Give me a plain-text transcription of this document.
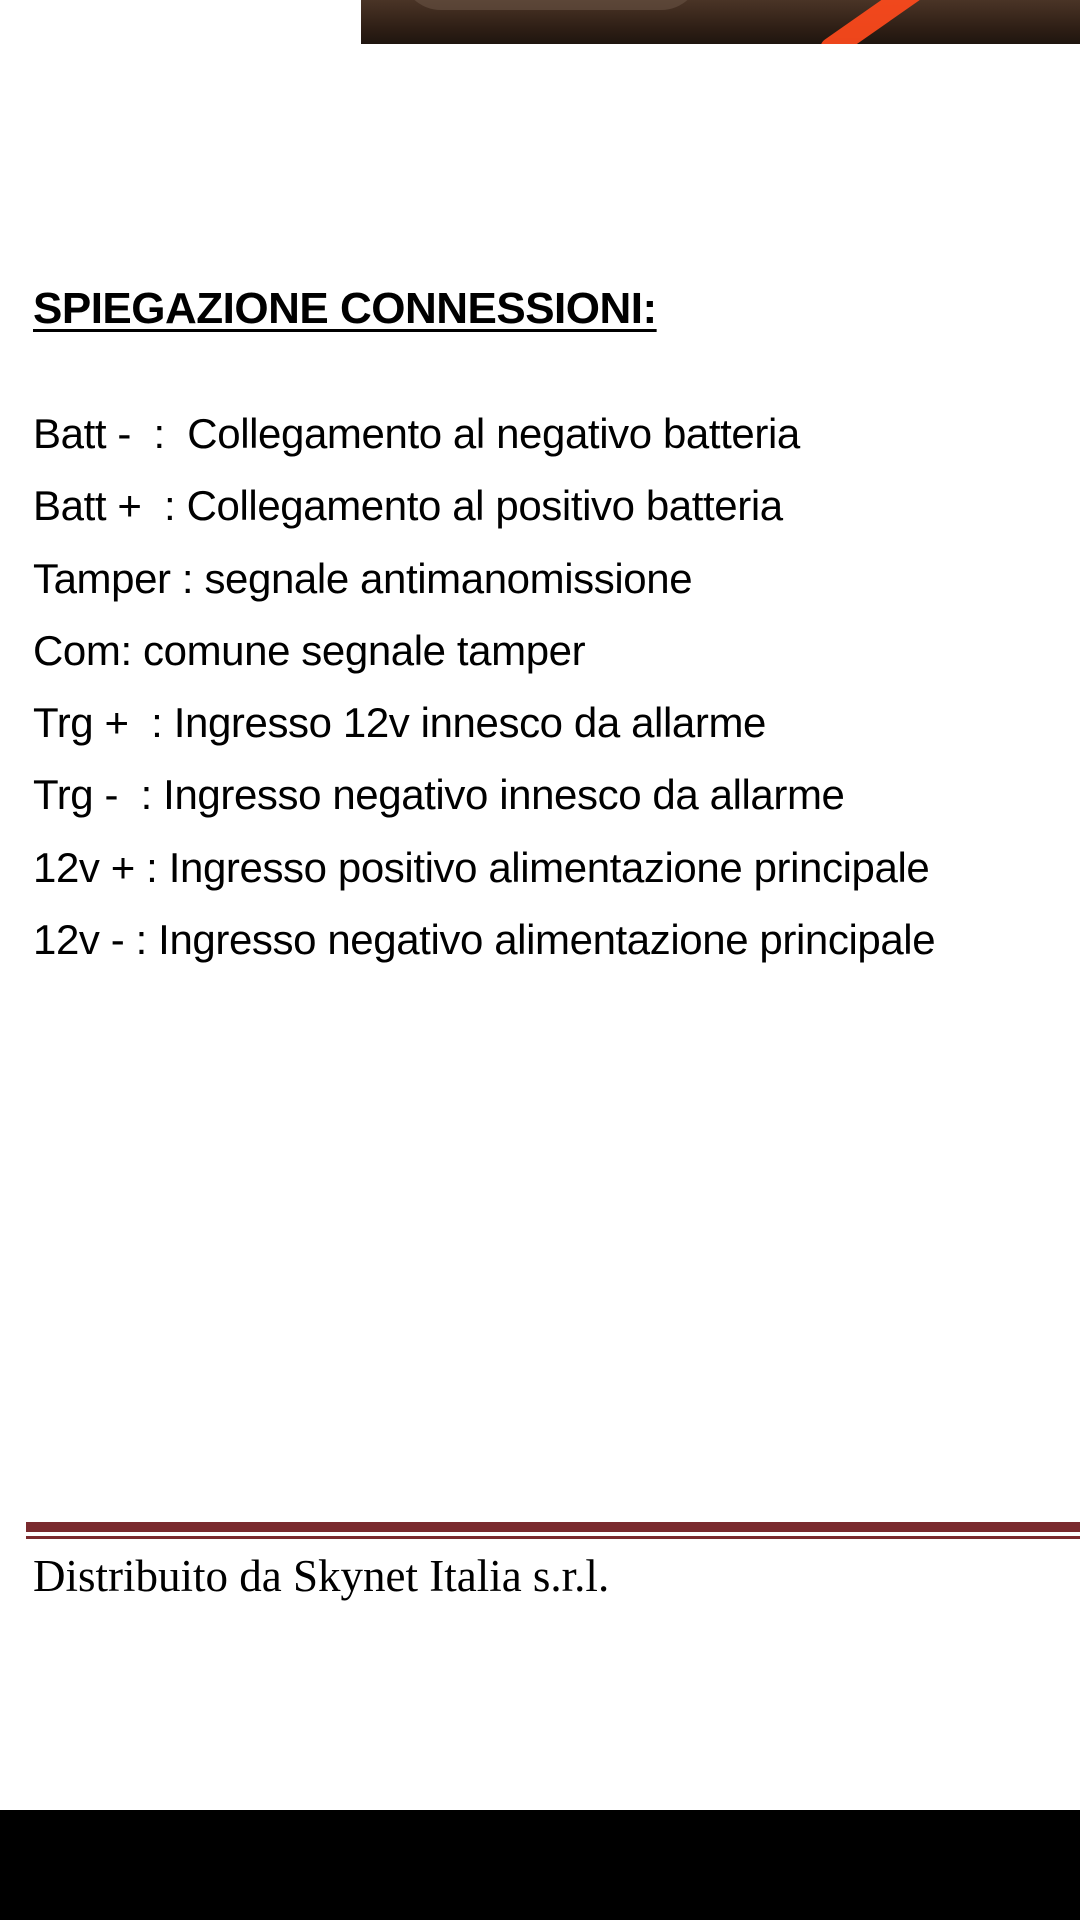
SPIEGAZIONE CONNESSIONI:
Batt -  :  Collegamento al negativo batteria
Batt +  : Collegamento al positivo batteria
Tamper : segnale antimanomissione
Com: comune segnale tamper
Trg +  : Ingresso 12v innesco da allarme
Trg -  : Ingresso negativo innesco da allarme
12v + : Ingresso positivo alimentazione principale
12v - : Ingresso negativo alimentazione principale
Distribuito da Skynet Italia s.r.l.
